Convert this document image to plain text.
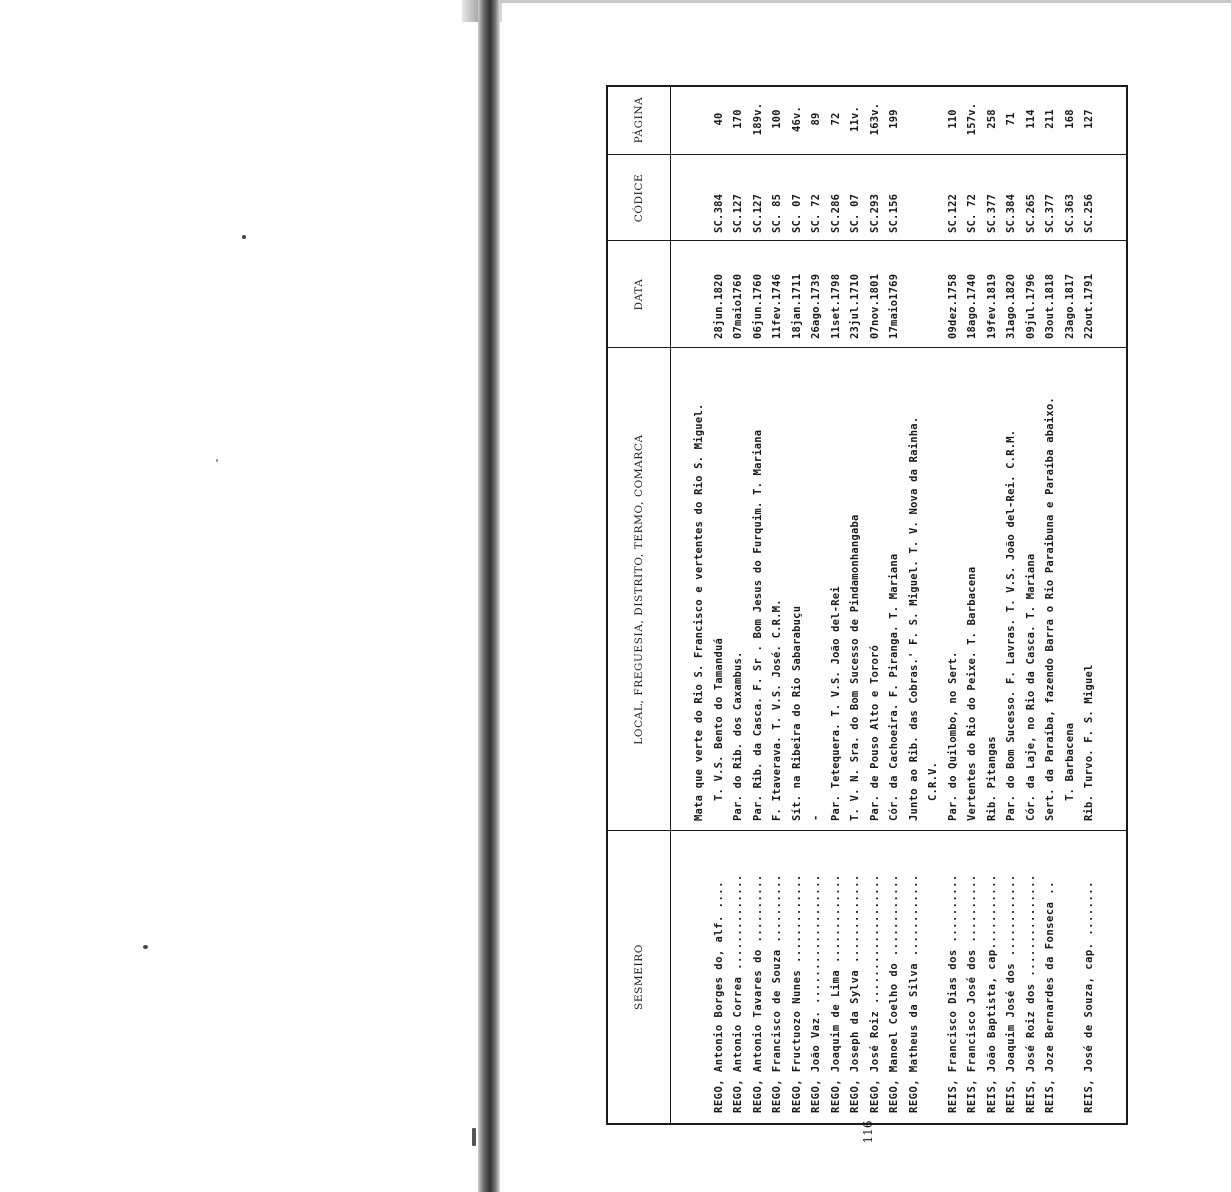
SESMEIRO
LOCAL, FREGUESIA, DISTRITO, TERMO, COMARCA
DATA
CÓDICE
PÁGINA
Mata que verte do Rio S. Francisco e vertentes do Rio S. Miguel.
REGO, Antonio Borges do, alf. ....
T. V.S. Bento do Tamanduá
28jun.1820
SC.384
40
REGO, Antonio Correa ..............
Par. do Rib. dos Caxambus.
07maio1760
SC.127
170
REGO, Antonio Tavares do ..........
Par. Rib. da Casca. F. Sr . Bom Jesus do Furquim. T. Mariana
06jun.1760
SC.127
189v.
REGO, Francisco de Souza ..........
F. Itaverava. T. V.S. José. C.R.M.
11fev.1746
SC. 85
100
REGO, Fructuozo Nunes .............
Sít. na Ribeira do Rio Sabarabuçu
18jan.1711
SC. 07
46v.
REGO, João Vaz. ...................
-
26ago.1739
SC. 72
89
REGO, Joaquim de Lima .............
Par. Tetequera. T. V.S. João del-Rei
11set.1798
SC.286
72
REGO, Joseph da Sylva .............
T. V. N. Sra. do Bom Sucesso de Pindamonhangaba
23jul.1710
SC. 07
11v.
REGO, José Roiz ...................
Par. de Pouso Alto e Tororó
07nov.1801
SC.293
163v.
REGO, Manoel Coelho do ............
Cór. da Cachoeira. F. Piranga. T. Mariana
17maio1769
SC.156
199
REGO, Matheus da Silva ............
Junto ao Rib. das Cobras.' F. S. Miguel. T. V. Nova da Rainha. C.R.V.
REIS, Francisco Dias dos ..........
Par. do Quilombo, no Sert.
09dez.1758
SC.122
110
REIS, Francisco José dos ..........
Vertentes do Rio do Peixe. T. Barbacena
18ago.1740
SC. 72
157v.
REIS, João Baptista, cap...........
Rib. Pitangas
19fev.1819
SC.377
258
REIS, Joaquim José dos ............
Par. do Bom Sucesso. F. Lavras. T. V.S. João del-Rei. C.R.M.
31ago.1820
SC.384
71
REIS, José Roiz dos ...............
Cór. da Laje, no Rio da Casca. T. Mariana
09jul.1796
SC.265
114
REIS, Joze Bernardes da Fonseca ..
Sert. da Paraíba, fazendo Barra o Rio Paraibuna e Paraíba abaixo.
03out.1818
SC.377
211
T. Barbacena
23ago.1817
SC.363
168
REIS, José de Souza, cap. ........
Rib. Turvo. F. S. Miguel
22out.1791
SC.256
127
116
